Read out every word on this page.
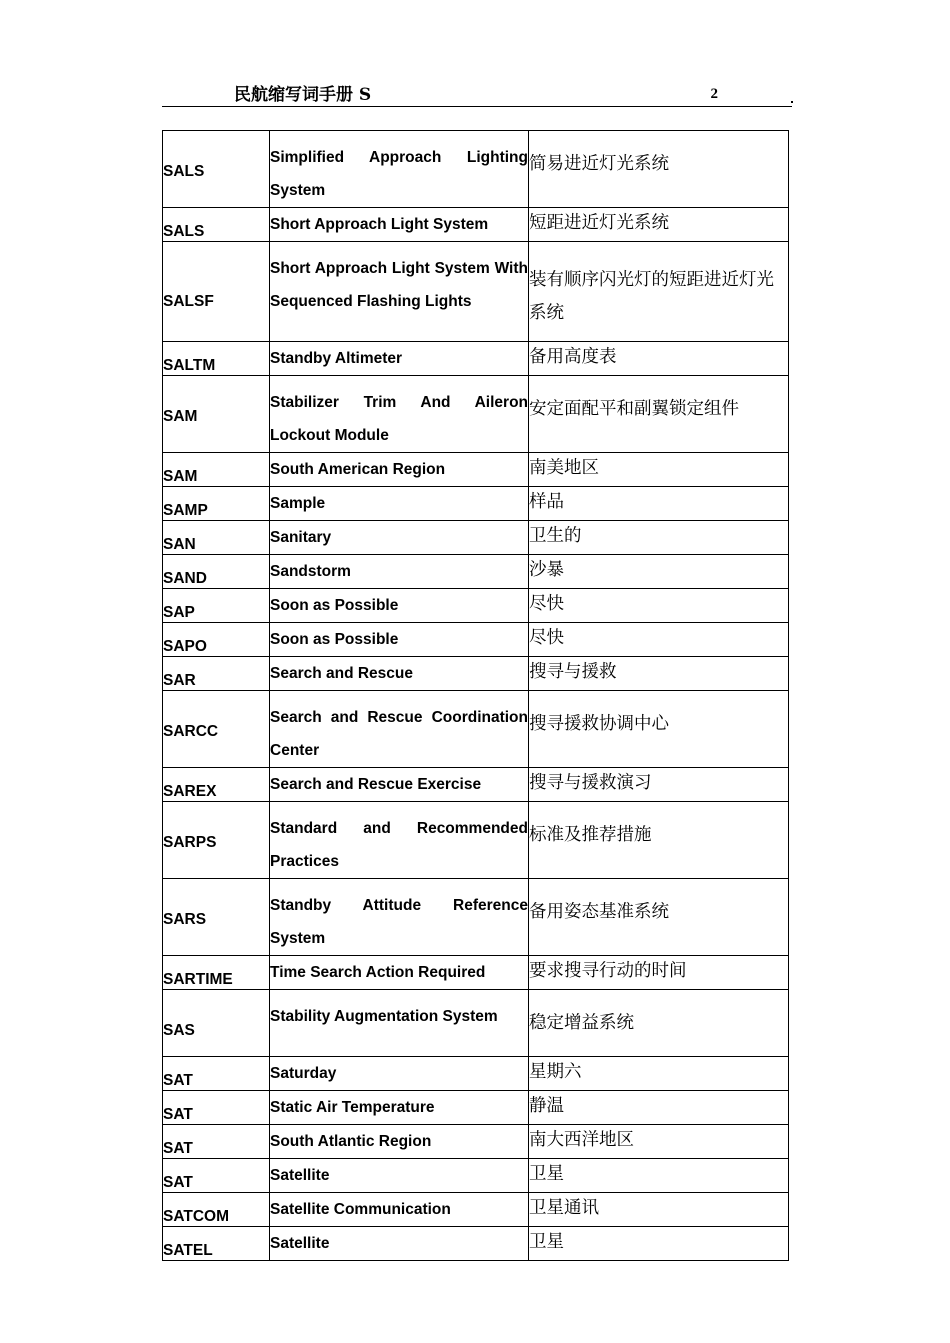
民航缩写词手册 S	2
SALS	Simplified Approach Lighting System	简易进近灯光系统

SALS	Short Approach Light System	短距进近灯光系统

SALSF	Short Approach Light System With Sequenced Flashing Lights	装有顺序闪光灯的短距进近灯光系统

SALTM	Standby Altimeter	备用高度表

SAM	Stabilizer Trim And Aileron Lockout Module	安定面配平和副翼锁定组件

SAM	South American Region	南美地区

SAMP	Sample	样品

SAN	Sanitary	卫生的

SAND	Sandstorm	沙暴

SAP	Soon as Possible	尽快

SAPO	Soon as Possible	尽快

SAR	Search and Rescue	搜寻与援救

SARCC	Search and Rescue Coordination Center	搜寻援救协调中心

SAREX	Search and Rescue Exercise	搜寻与援救演习

SARPS	Standard and Recommended Practices	标准及推荐措施

SARS	Standby Attitude Reference System	备用姿态基准系统

SARTIME	Time Search Action Required	要求搜寻行动的时间

SAS	Stability Augmentation System	稳定增益系统

SAT	Saturday	星期六

SAT	Static Air Temperature	静温

SAT	South Atlantic Region	南大西洋地区

SAT	Satellite	卫星

SATCOM	Satellite Communication	卫星通讯

SATEL	Satellite	卫星
